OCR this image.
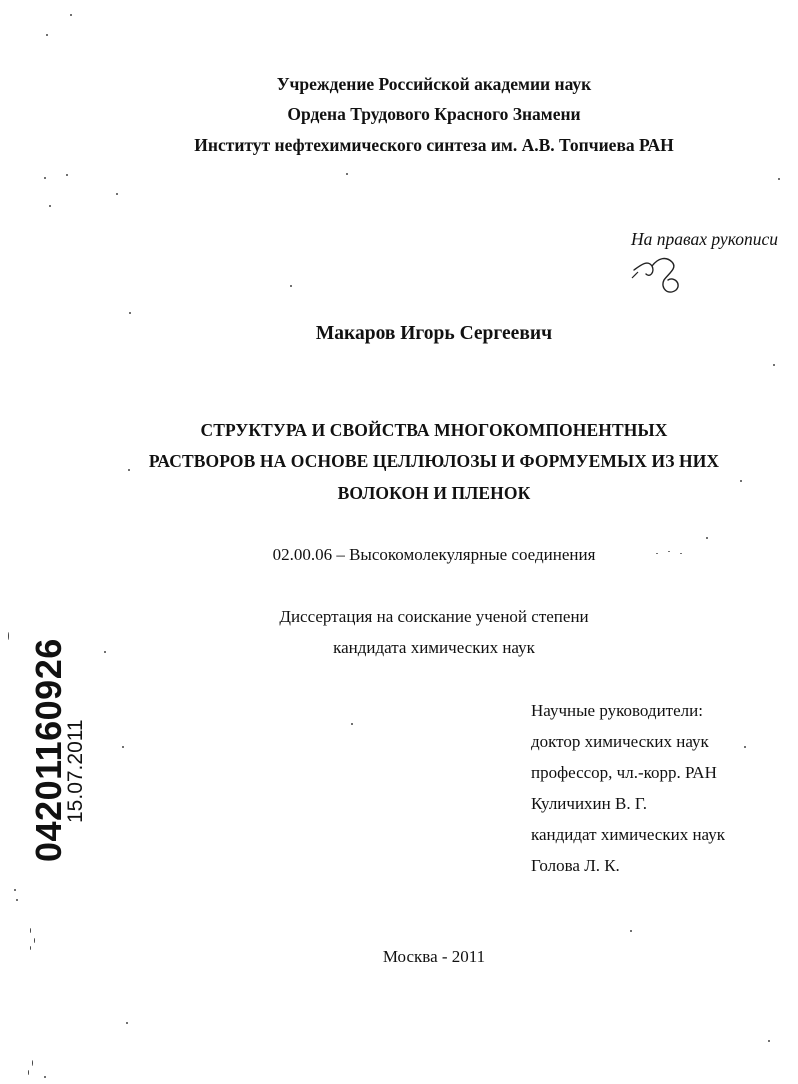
Учреждение Российской академии наук
Ордена Трудового Красного Знамени
Институт нефтехимического синтеза им. А.В. Топчиева РАН
На правах рукописи
Макаров Игорь Сергеевич
СТРУКТУРА И СВОЙСТВА МНОГОКОМПОНЕНТНЫХ
РАСТВОРОВ НА ОСНОВЕ ЦЕЛЛЮЛОЗЫ И ФОРМУЕМЫХ ИЗ НИХ
ВОЛОКОН И ПЛЕНОК
02.00.06 – Высокомолекулярные соединения
Диссертация на соискание ученой степени
кандидата химических наук
Научные руководители:
доктор химических наук
профессор, чл.-корр. РАН
Куличихин В. Г.
кандидат химических наук
Голова Л. К.
Москва - 2011
04201160926
15.07.2011
